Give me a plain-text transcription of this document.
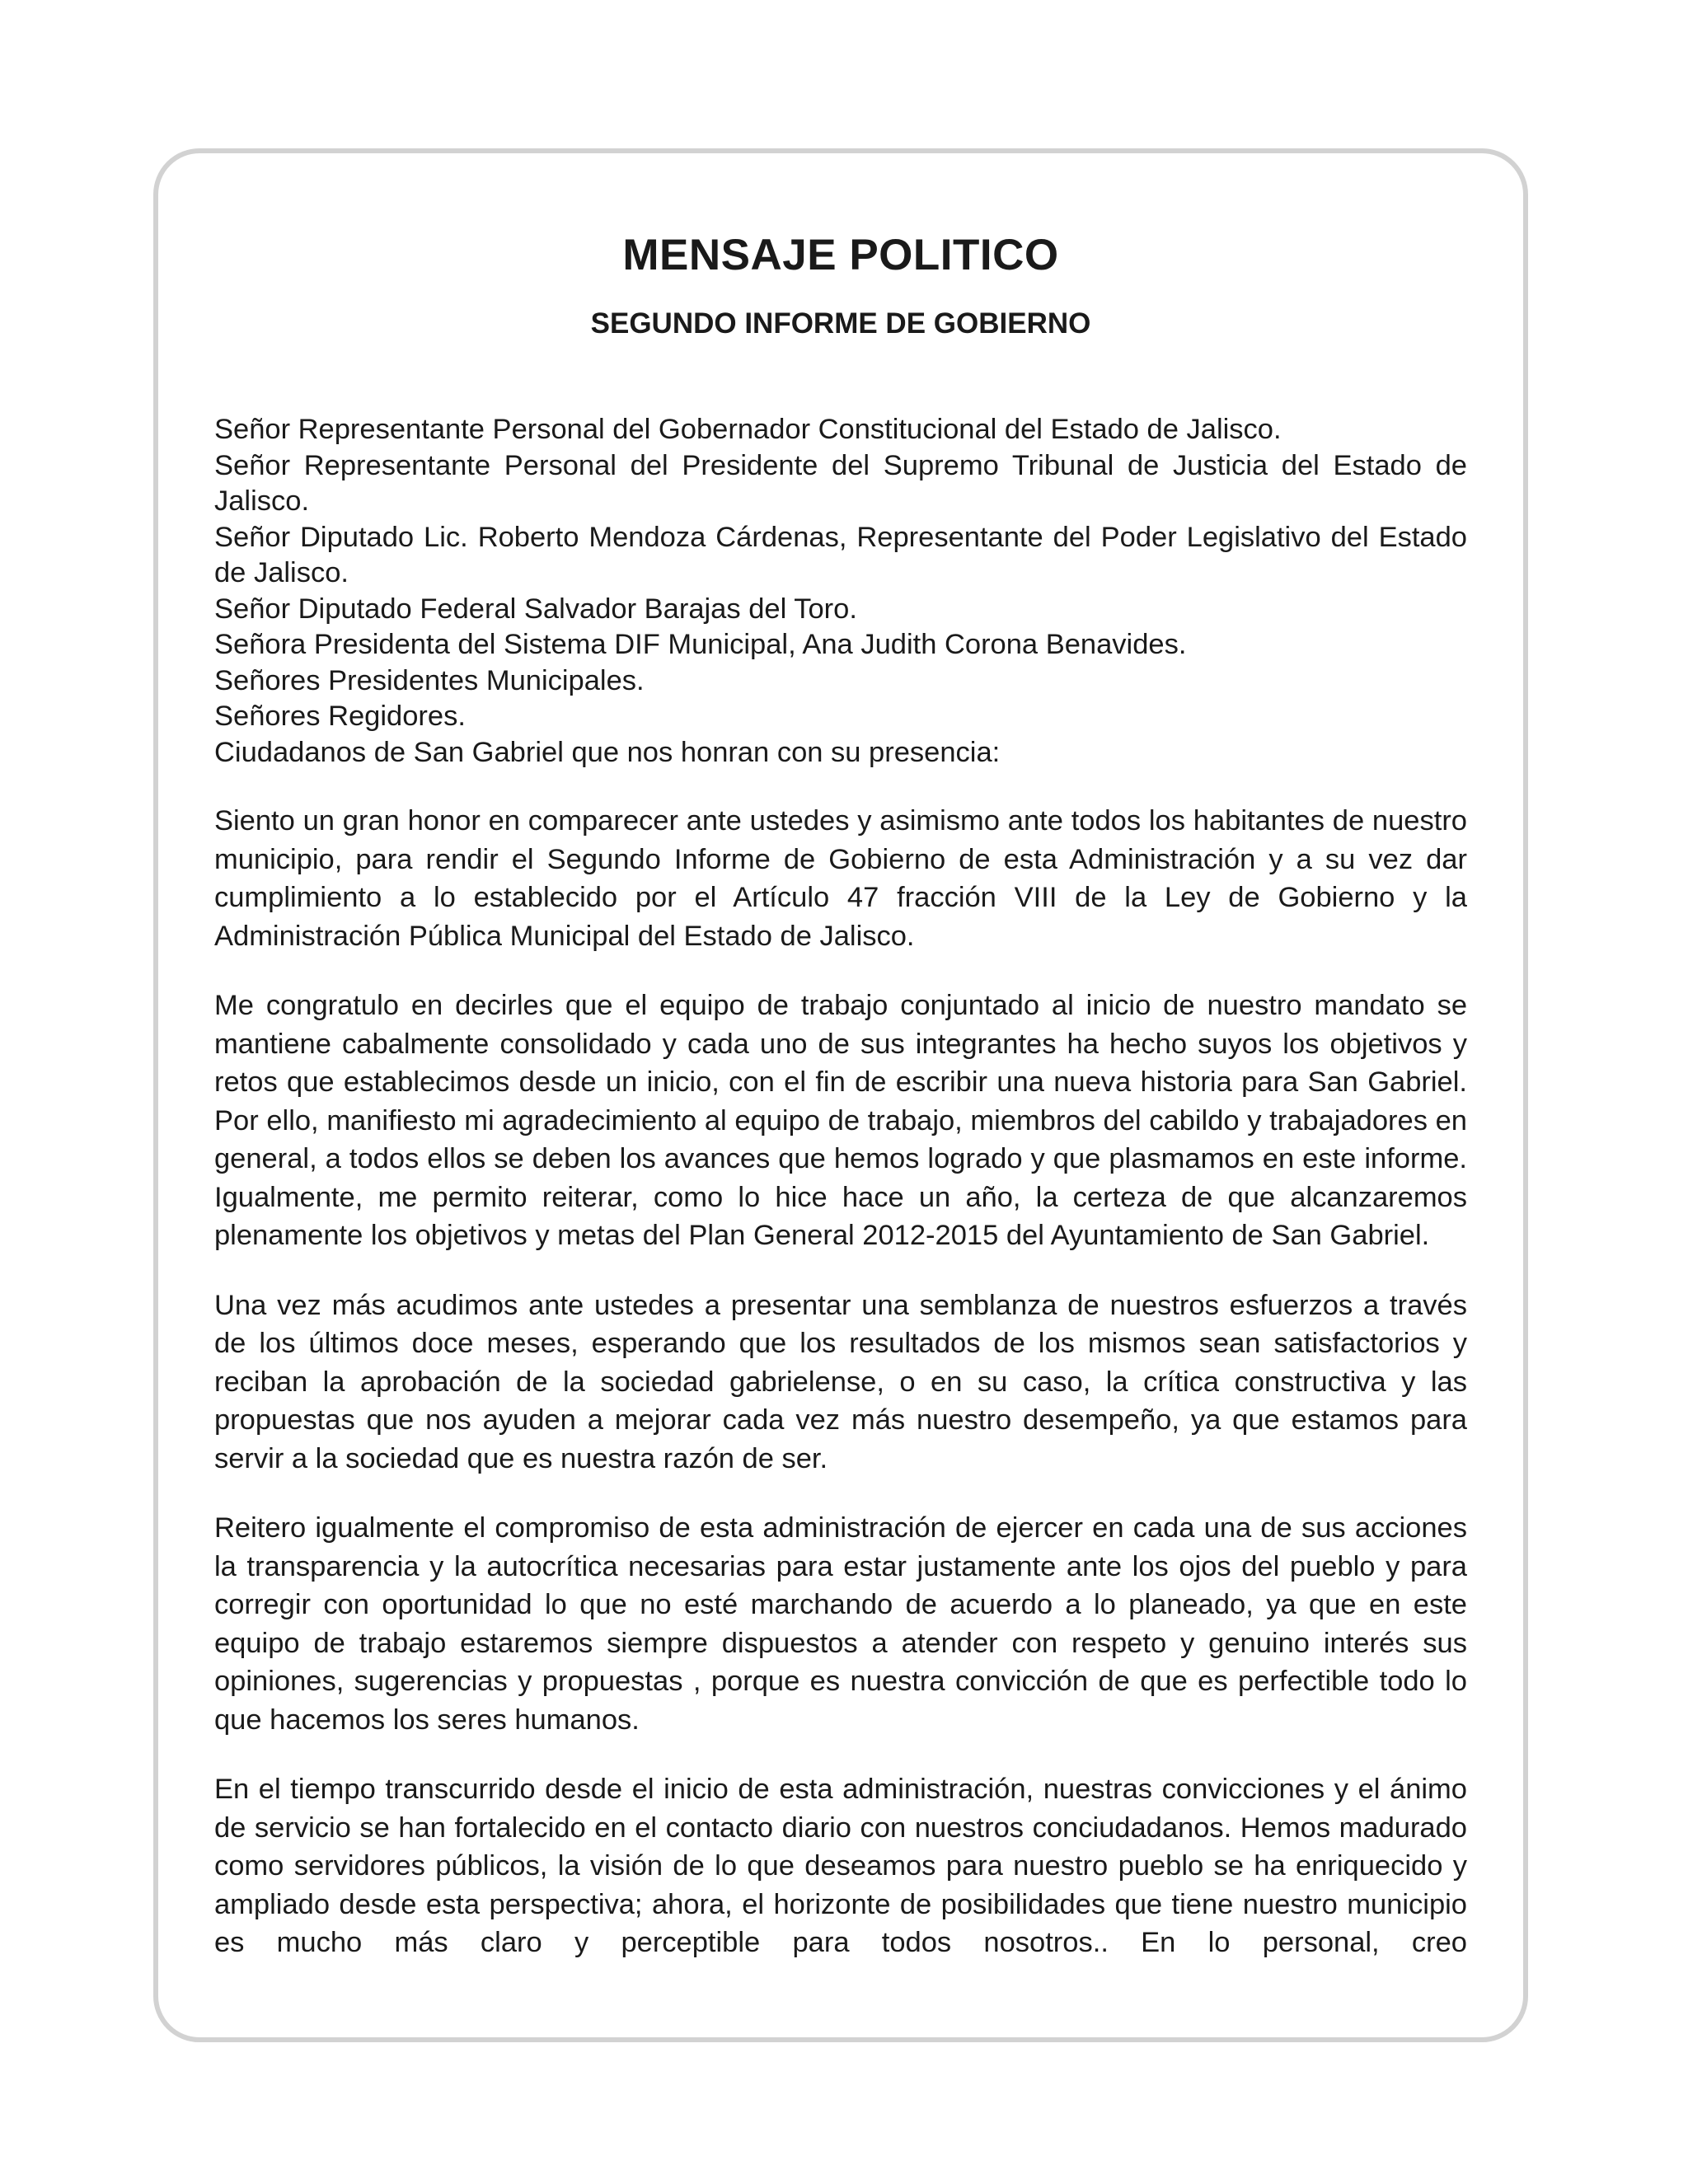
MENSAJE POLITICO
SEGUNDO INFORME DE GOBIERNO
Señor Representante Personal del Gobernador Constitucional del Estado de Jalisco.
Señor Representante Personal del Presidente del Supremo Tribunal de Justicia del Estado de Jalisco.
Señor Diputado Lic. Roberto Mendoza Cárdenas, Representante del Poder Legislativo del Estado de Jalisco.
Señor Diputado Federal Salvador Barajas del Toro.
Señora Presidenta del Sistema DIF Municipal, Ana Judith Corona Benavides.
Señores Presidentes Municipales.
Señores Regidores.
Ciudadanos de San Gabriel que nos honran con su presencia:

Siento un gran honor en comparecer ante ustedes y asimismo ante todos los habitantes de nuestro municipio, para rendir el Segundo Informe de Gobierno de esta Administración y a su vez dar cumplimiento a lo establecido por el Artículo 47 fracción VIII de la Ley de Gobierno y la Administración Pública Municipal del Estado de Jalisco.

Me congratulo en decirles que el equipo de trabajo conjuntado al inicio de nuestro mandato se mantiene cabalmente consolidado y cada uno de sus integrantes ha hecho suyos los objetivos y retos que establecimos desde un inicio, con el fin de escribir una nueva historia para San Gabriel. Por ello, manifiesto mi agradecimiento al equipo de trabajo, miembros del cabildo y trabajadores en general, a todos ellos se deben los avances que hemos logrado y que plasmamos en este informe. Igualmente, me permito reiterar, como lo hice hace un año, la certeza de que alcanzaremos plenamente los objetivos y metas del Plan General 2012-2015 del Ayuntamiento de San Gabriel.

Una vez más acudimos ante ustedes a presentar una semblanza de nuestros esfuerzos a través de los últimos doce meses, esperando que los resultados de los mismos sean satisfactorios y reciban la aprobación de la sociedad gabrielense, o en su caso, la crítica constructiva y las propuestas que nos ayuden a mejorar cada vez más nuestro desempeño, ya que estamos para servir a la sociedad que es nuestra razón de ser.

Reitero igualmente el compromiso de esta administración de ejercer en cada una de sus acciones la transparencia y la autocrítica necesarias para estar justamente ante los ojos del pueblo y para corregir con oportunidad lo que no esté marchando de acuerdo a lo planeado, ya que en este equipo de trabajo estaremos siempre dispuestos a atender con respeto y genuino interés sus opiniones, sugerencias y propuestas , porque es nuestra convicción de que es perfectible todo lo que hacemos los seres humanos.

En el tiempo transcurrido desde el inicio de esta administración, nuestras convicciones y el ánimo de servicio se han fortalecido en el contacto diario con nuestros conciudadanos. Hemos madurado como servidores públicos, la visión de lo que deseamos para nuestro pueblo se ha enriquecido y ampliado desde esta perspectiva; ahora, el horizonte de posibilidades que tiene nuestro municipio es mucho más claro y perceptible para todos nosotros.. En lo personal, creo
